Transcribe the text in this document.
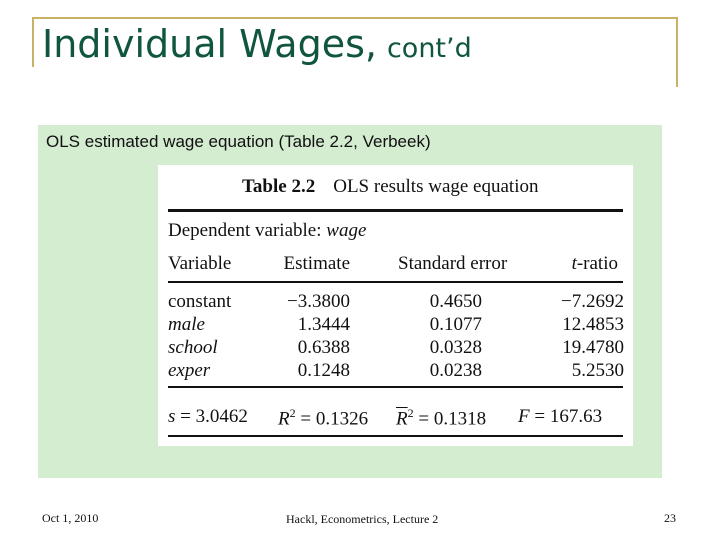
Individual Wages, cont’d
OLS estimated wage equation (Table 2.2, Verbeek)
Table 2.2 OLS results wage equation
Dependent variable: wage
Variable	Estimate	Standard error	t-ratio
constant	−3.3800	0.4650	−7.2692
male	1.3444	0.1077	12.4853
school	0.6388	0.0328	19.4780
exper	0.1248	0.0238	5.2530
s = 3.0462 $R^2 = 0.1326$ $\overline{R}^2 = 0.1318$ F = 167.63
Oct 1, 2010	Hackl, Econometrics, Lecture 2	23
